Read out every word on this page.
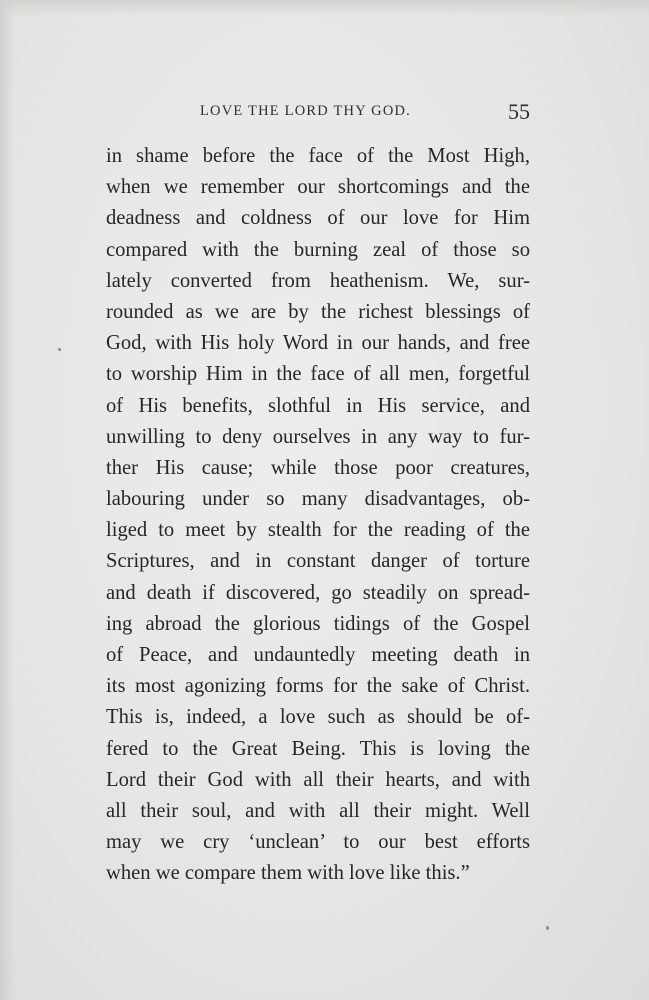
LOVE THE LORD THY GOD.	55
in shame before the face of the Most High,
when we remember our shortcomings and the
deadness and coldness of our love for Him
compared with the burning zeal of those so
lately converted from heathenism. We, sur-
rounded as we are by the richest blessings of
God, with His holy Word in our hands, and free
to worship Him in the face of all men, forgetful
of His benefits, slothful in His service, and
unwilling to deny ourselves in any way to fur-
ther His cause; while those poor creatures,
labouring under so many disadvantages, ob-
liged to meet by stealth for the reading of the
Scriptures, and in constant danger of torture
and death if discovered, go steadily on spread-
ing abroad the glorious tidings of the Gospel
of Peace, and undauntedly meeting death in
its most agonizing forms for the sake of Christ.
This is, indeed, a love such as should be of-
fered to the Great Being. This is loving the
Lord their God with all their hearts, and with
all their soul, and with all their might. Well
may we cry ‘unclean’ to our best efforts
when we compare them with love like this.”
